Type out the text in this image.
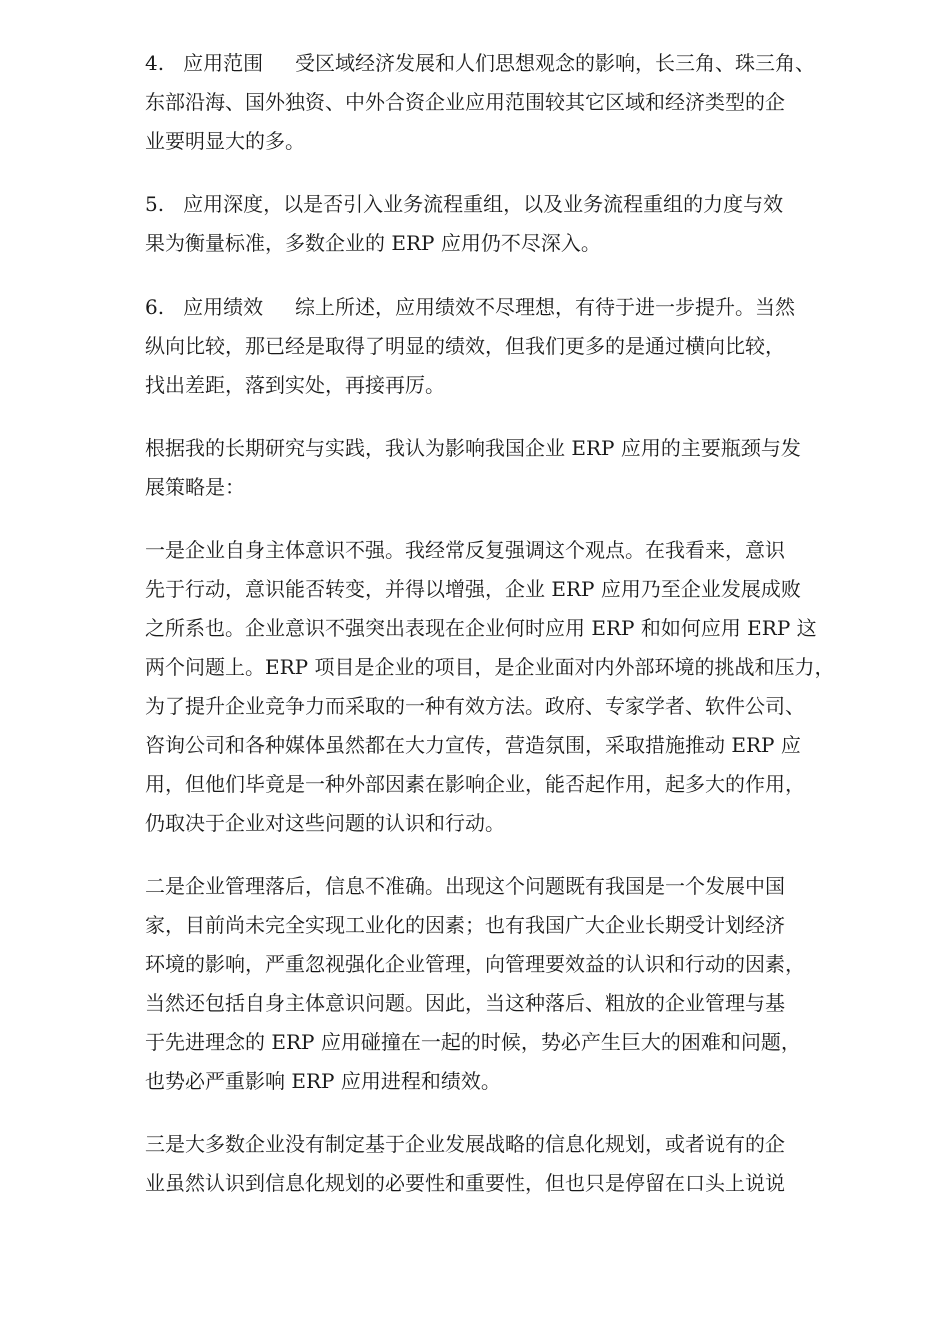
4.   应用范围     受区域经济发展和人们思想观念的影响，长三角、珠三角、
东部沿海、国外独资、中外合资企业应用范围较其它区域和经济类型的企
业要明显大的多。
5.   应用深度，以是否引入业务流程重组，以及业务流程重组的力度与效
果为衡量标准，多数企业的 ERP 应用仍不尽深入。
6.   应用绩效     综上所述，应用绩效不尽理想，有待于进一步提升。当然
纵向比较，那已经是取得了明显的绩效，但我们更多的是通过横向比较，
找出差距，落到实处，再接再厉。
根据我的长期研究与实践，我认为影响我国企业 ERP 应用的主要瓶颈与发
展策略是：
一是企业自身主体意识不强。我经常反复强调这个观点。在我看来，意识
先于行动，意识能否转变，并得以增强，企业 ERP 应用乃至企业发展成败
之所系也。企业意识不强突出表现在企业何时应用 ERP 和如何应用 ERP 这
两个问题上。ERP 项目是企业的项目，是企业面对内外部环境的挑战和压力，
为了提升企业竞争力而采取的一种有效方法。政府、专家学者、软件公司、
咨询公司和各种媒体虽然都在大力宣传，营造氛围，采取措施推动 ERP 应
用，但他们毕竟是一种外部因素在影响企业，能否起作用，起多大的作用，
仍取决于企业对这些问题的认识和行动。
二是企业管理落后，信息不准确。出现这个问题既有我国是一个发展中国
家，目前尚未完全实现工业化的因素；也有我国广大企业长期受计划经济
环境的影响，严重忽视强化企业管理，向管理要效益的认识和行动的因素，
当然还包括自身主体意识问题。因此，当这种落后、粗放的企业管理与基
于先进理念的 ERP 应用碰撞在一起的时候，势必产生巨大的困难和问题，
也势必严重影响 ERP 应用进程和绩效。
三是大多数企业没有制定基于企业发展战略的信息化规划，或者说有的企
业虽然认识到信息化规划的必要性和重要性，但也只是停留在口头上说说
